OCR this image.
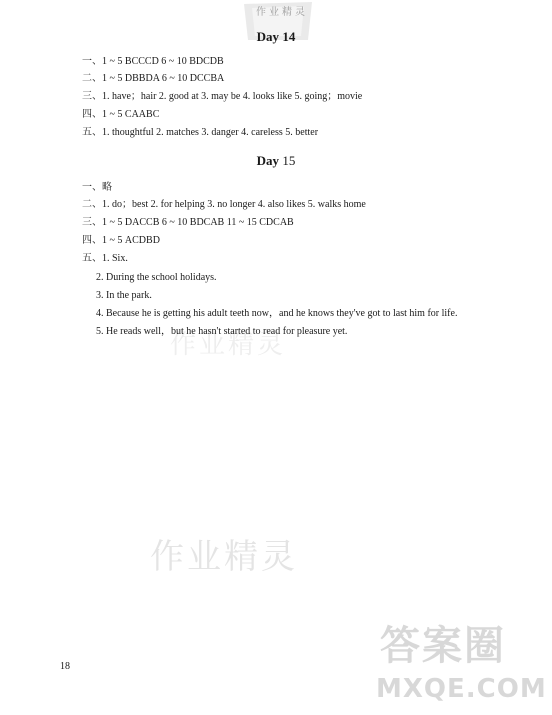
作业精灵
作业精灵
作业精灵
答案圈
MXQE.COM
Day 14
一、1 ~ 5 BCCCD 6 ~ 10 BDCDB
二、1 ~ 5 DBBDA 6 ~ 10 DCCBA
三、1. have；hair 2. good at 3. may be 4. looks like 5. going；movie
四、1 ~ 5 CAABC
五、1. thoughtful 2. matches 3. danger 4. careless 5. better
Day 15
一、略
二、1. do；best 2. for helping 3. no longer 4. also likes 5. walks home
三、1 ~ 5 DACCB 6 ~ 10 BDCAB 11 ~ 15 CDCAB
四、1 ~ 5 ACDBD
五、1. Six.
2. During the school holidays.
3. In the park.
4. Because he is getting his adult teeth now，and he knows they've got to last him for life.
5. He reads well，but he hasn't started to read for pleasure yet.
18
